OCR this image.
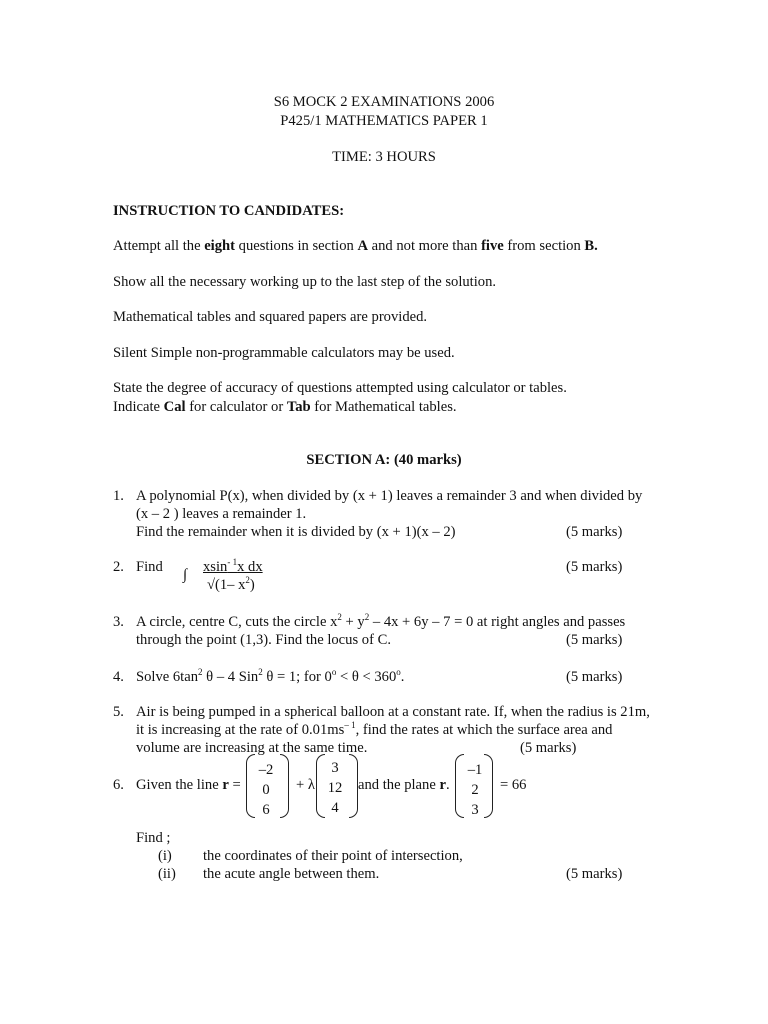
S6 MOCK 2 EXAMINATIONS 2006
P425/1 MATHEMATICS PAPER 1
TIME: 3 HOURS
INSTRUCTION TO CANDIDATES:
Attempt all the eight questions in section A and not more than five from section B.
Show all the necessary working up to the last step of the solution.
Mathematical tables and squared papers are provided.
Silent Simple non-programmable calculators may be used.
State the degree of accuracy of questions attempted using calculator or tables.
Indicate Cal for calculator or Tab for Mathematical tables.
SECTION A: (40 marks)
1. A polynomial P(x), when divided by (x + 1) leaves a remainder 3 and when divided by
(x – 2 ) leaves a remainder 1.
Find the remainder when it is divided by (x + 1)(x – 2)	(5 marks)
2. Find ∫ xsin$^{- 1}$x dx
√(1– $x^2$)
(5 marks)
3. A circle, centre C, cuts the circle $x^2 + y^2 - 4x + 6y - 7 = 0$ at right angles and passes
through the point (1,3). Find the locus of C.	(5 marks)
4. Solve $6\tan^2$ θ – 4 Sin$^2$ θ = 1; for $0^o < \theta < 360^o$.	(5 marks)
5. Air is being pumped in a spherical balloon at a constant rate. If, when the radius is 21m,
it is increasing at the rate of $0.01ms^{- 1}$, find the rates at which the surface area and
volume are increasing at the same time.	(5 marks)
6. Given the line r =
–2
0
6
+ λ
3
12
4
and the plane r.
–1
2
3
= 66
Find ;
(i) the coordinates of their point of intersection,
(ii) the acute angle between them.	(5 marks)
